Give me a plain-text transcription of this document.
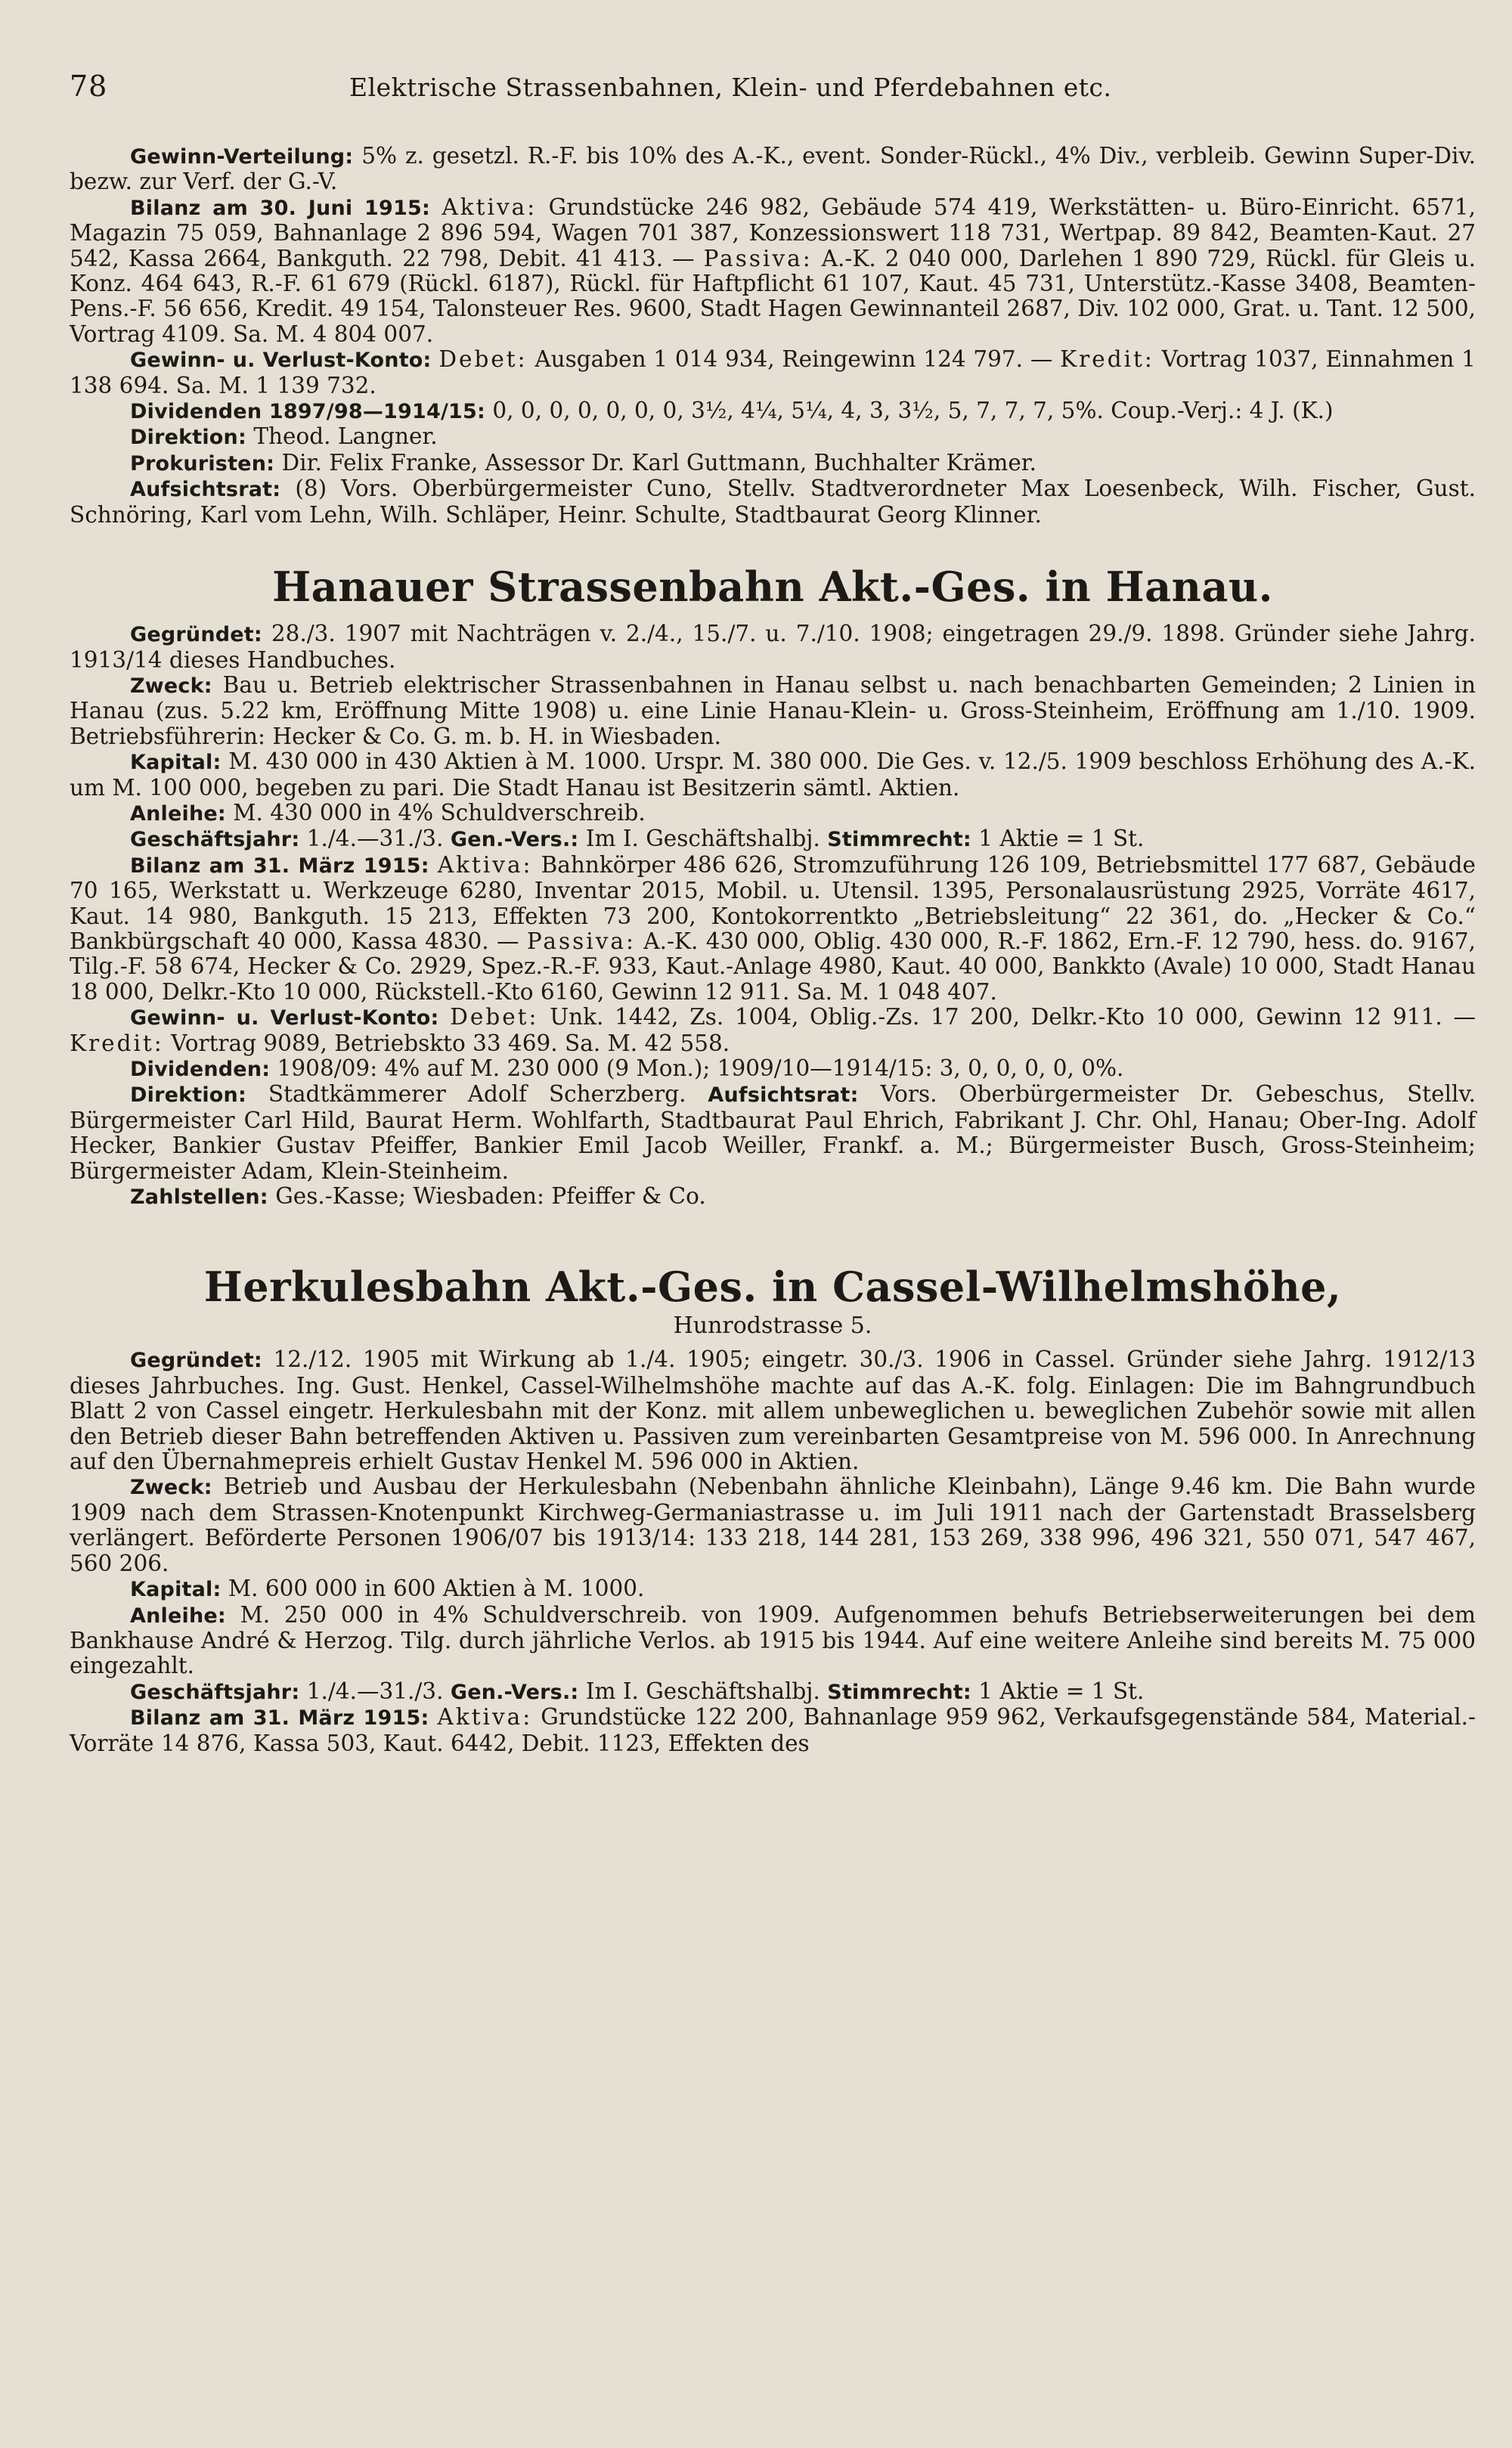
78	Elektrische Strassenbahnen, Klein- und Pferdebahnen etc.

Gewinn-Verteilung: 5% z. gesetzl. R.-F. bis 10% des A.-K., event. Sonder-Rückl., 4% Div., verbleib. Gewinn Super-Div. bezw. zur Verf. der G.-V.

Bilanz am 30. Juni 1915: Aktiva: Grundstücke 246 982, Gebäude 574 419, Werkstätten- u. Büro-Einricht. 6571, Magazin 75 059, Bahnanlage 2 896 594, Wagen 701 387, Konzessionswert 118 731, Wertpap. 89 842, Beamten-Kaut. 27 542, Kassa 2664, Bankguth. 22 798, Debit. 41 413. — Passiva: A.-K. 2 040 000, Darlehen 1 890 729, Rückl. für Gleis u. Konz. 464 643, R.-F. 61 679 (Rückl. 6187), Rückl. für Haftpflicht 61 107, Kaut. 45 731, Unterstütz.-Kasse 3408, Beamten-Pens.-F. 56 656, Kredit. 49 154, Talonsteuer Res. 9600, Stadt Hagen Gewinnanteil 2687, Div. 102 000, Grat. u. Tant. 12 500, Vortrag 4109. Sa. M. 4 804 007.

Gewinn- u. Verlust-Konto: Debet: Ausgaben 1 014 934, Reingewinn 124 797. — Kredit: Vortrag 1037, Einnahmen 1 138 694. Sa. M. 1 139 732.

Dividenden 1897/98—1914/15: 0, 0, 0, 0, 0, 0, 0, 3½, 4¼, 5¼, 4, 3, 3½, 5, 7, 7, 7, 5%. Coup.-Verj.: 4 J. (K.)

Direktion: Theod. Langner.

Prokuristen: Dir. Felix Franke, Assessor Dr. Karl Guttmann, Buchhalter Krämer.

Aufsichtsrat: (8) Vors. Oberbürgermeister Cuno, Stellv. Stadtverordneter Max Loesenbeck, Wilh. Fischer, Gust. Schnöring, Karl vom Lehn, Wilh. Schläper, Heinr. Schulte, Stadtbaurat Georg Klinner.

Hanauer Strassenbahn Akt.-Ges. in Hanau.

Gegründet: 28./3. 1907 mit Nachträgen v. 2./4., 15./7. u. 7./10. 1908; eingetragen 29./9. 1898. Gründer siehe Jahrg. 1913/14 dieses Handbuches.

Zweck: Bau u. Betrieb elektrischer Strassenbahnen in Hanau selbst u. nach benachbarten Gemeinden; 2 Linien in Hanau (zus. 5.22 km, Eröffnung Mitte 1908) u. eine Linie Hanau-Klein- u. Gross-Steinheim, Eröffnung am 1./10. 1909. Betriebsführerin: Hecker & Co. G. m. b. H. in Wiesbaden.

Kapital: M. 430 000 in 430 Aktien à M. 1000. Urspr. M. 380 000. Die Ges. v. 12./5. 1909 beschloss Erhöhung des A.-K. um M. 100 000, begeben zu pari. Die Stadt Hanau ist Besitzerin sämtl. Aktien.

Anleihe: M. 430 000 in 4% Schuldverschreib.

Geschäftsjahr: 1./4.—31./3. Gen.-Vers.: Im I. Geschäftshalbj. Stimmrecht: 1 Aktie = 1 St.

Bilanz am 31. März 1915: Aktiva: Bahnkörper 486 626, Stromzuführung 126 109, Betriebsmittel 177 687, Gebäude 70 165, Werkstatt u. Werkzeuge 6280, Inventar 2015, Mobil. u. Utensil. 1395, Personalausrüstung 2925, Vorräte 4617, Kaut. 14 980, Bankguth. 15 213, Effekten 73 200, Kontokorrentkto „Betriebsleitung“ 22 361, do. „Hecker & Co.“ Bankbürgschaft 40 000, Kassa 4830. — Passiva: A.-K. 430 000, Oblig. 430 000, R.-F. 1862, Ern.-F. 12 790, hess. do. 9167, Tilg.-F. 58 674, Hecker & Co. 2929, Spez.-R.-F. 933, Kaut.-Anlage 4980, Kaut. 40 000, Bankkto (Avale) 10 000, Stadt Hanau 18 000, Delkr.-Kto 10 000, Rückstell.-Kto 6160, Gewinn 12 911. Sa. M. 1 048 407.

Gewinn- u. Verlust-Konto: Debet: Unk. 1442, Zs. 1004, Oblig.-Zs. 17 200, Delkr.-Kto 10 000, Gewinn 12 911. — Kredit: Vortrag 9089, Betriebskto 33 469. Sa. M. 42 558.

Dividenden: 1908/09: 4% auf M. 230 000 (9 Mon.); 1909/10—1914/15: 3, 0, 0, 0, 0, 0%.

Direktion: Stadtkämmerer Adolf Scherzberg. Aufsichtsrat: Vors. Oberbürgermeister Dr. Gebeschus, Stellv. Bürgermeister Carl Hild, Baurat Herm. Wohlfarth, Stadtbaurat Paul Ehrich, Fabrikant J. Chr. Ohl, Hanau; Ober-Ing. Adolf Hecker, Bankier Gustav Pfeiffer, Bankier Emil Jacob Weiller, Frankf. a. M.; Bürgermeister Busch, Gross-Steinheim; Bürgermeister Adam, Klein-Steinheim.

Zahlstellen: Ges.-Kasse; Wiesbaden: Pfeiffer & Co.

Herkulesbahn Akt.-Ges. in Cassel-Wilhelmshöhe,
Hunrodstrasse 5.

Gegründet: 12./12. 1905 mit Wirkung ab 1./4. 1905; eingetr. 30./3. 1906 in Cassel. Gründer siehe Jahrg. 1912/13 dieses Jahrbuches. Ing. Gust. Henkel, Cassel-Wilhelmshöhe machte auf das A.-K. folg. Einlagen: Die im Bahngrundbuch Blatt 2 von Cassel eingetr. Herkulesbahn mit der Konz. mit allem unbeweglichen u. beweglichen Zubehör sowie mit allen den Betrieb dieser Bahn betreffenden Aktiven u. Passiven zum vereinbarten Gesamtpreise von M. 596 000. In Anrechnung auf den Übernahmepreis erhielt Gustav Henkel M. 596 000 in Aktien.

Zweck: Betrieb und Ausbau der Herkulesbahn (Nebenbahn ähnliche Kleinbahn), Länge 9.46 km. Die Bahn wurde 1909 nach dem Strassen-Knotenpunkt Kirchweg-Germaniastrasse u. im Juli 1911 nach der Gartenstadt Brasselsberg verlängert. Beförderte Personen 1906/07 bis 1913/14: 133 218, 144 281, 153 269, 338 996, 496 321, 550 071, 547 467, 560 206.

Kapital: M. 600 000 in 600 Aktien à M. 1000.

Anleihe: M. 250 000 in 4% Schuldverschreib. von 1909. Aufgenommen behufs Betriebserweiterungen bei dem Bankhause André & Herzog. Tilg. durch jährliche Verlos. ab 1915 bis 1944. Auf eine weitere Anleihe sind bereits M. 75 000 eingezahlt.

Geschäftsjahr: 1./4.—31./3. Gen.-Vers.: Im I. Geschäftshalbj. Stimmrecht: 1 Aktie = 1 St.

Bilanz am 31. März 1915: Aktiva: Grundstücke 122 200, Bahnanlage 959 962, Verkaufsgegenstände 584, Material.-Vorräte 14 876, Kassa 503, Kaut. 6442, Debit. 1123, Effekten des
